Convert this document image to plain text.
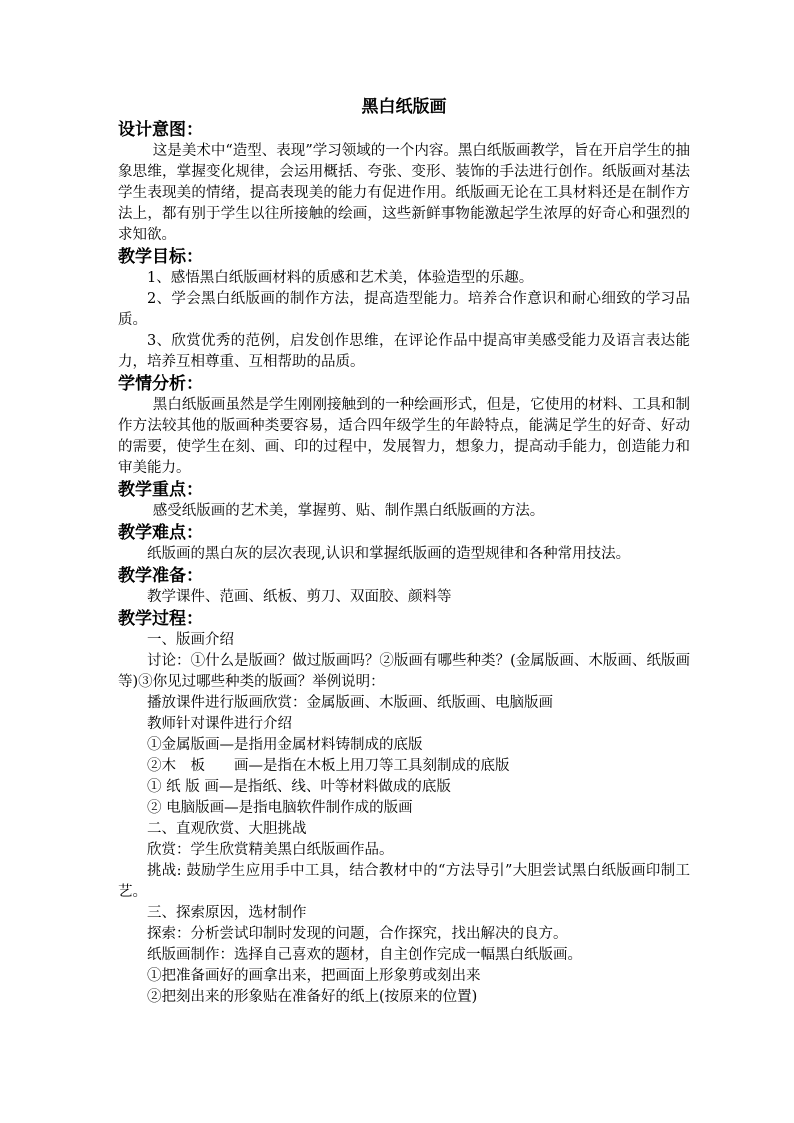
黑白纸版画
设计意图：
这是美术中“造型、表现”学习领域的一个内容。黑白纸版画教学，旨在开启学生的抽象思维，掌握变化规律，会运用概括、夸张、变形、装饰的手法进行创作。纸版画对基法学生表现美的情绪，提高表现美的能力有促进作用。纸版画无论在工具材料还是在制作方法上，都有别于学生以往所接触的绘画，这些新鲜事物能激起学生浓厚的好奇心和强烈的求知欲。
教学目标：
1、感悟黑白纸版画材料的质感和艺术美，体验造型的乐趣。
2、学会黑白纸版画的制作方法，提高造型能力。培养合作意识和耐心细致的学习品质。
3、欣赏优秀的范例，启发创作思维，在评论作品中提高审美感受能力及语言表达能力，培养互相尊重、互相帮助的品质。
学情分析：
黑白纸版画虽然是学生刚刚接触到的一种绘画形式，但是，它使用的材料、工具和制作方法较其他的版画种类要容易，适合四年级学生的年龄特点，能满足学生的好奇、好动的需要，使学生在刻、画、印的过程中，发展智力，想象力，提高动手能力，创造能力和审美能力。
教学重点：
感受纸版画的艺术美，掌握剪、贴、制作黑白纸版画的方法。
教学难点：
纸版画的黑白灰的层次表现,认识和掌握纸版画的造型规律和各种常用技法。
教学准备：
教学课件、范画、纸板、剪刀、双面胶、颜料等
教学过程：
一、版画介绍
讨论：①什么是版画？做过版画吗？②版画有哪些种类？(金属版画、木版画、纸版画等)③你见过哪些种类的版画？举例说明：
播放课件进行版画欣赏：金属版画、木版画、纸版画、电脑版画
教师针对课件进行介绍
①金属版画—是指用金属材料铸制成的底版
②木　板　　画—是指在木板上用刀等工具刻制成的底版
① 纸 版 画—是指纸、线、叶等材料做成的底版
② 电脑版画—是指电脑软件制作成的版画
二、直观欣赏、大胆挑战
欣赏：学生欣赏精美黑白纸版画作品。
挑战: 鼓励学生应用手中工具，结合教材中的“方法导引”大胆尝试黑白纸版画印制工艺。
三、探索原因，选材制作
探索：分析尝试印制时发现的问题，合作探究，找出解决的良方。
纸版画制作：选择自己喜欢的题材，自主创作完成一幅黑白纸版画。
①把准备画好的画拿出来，把画面上形象剪或刻出来
②把刻出来的形象贴在准备好的纸上(按原来的位置)
